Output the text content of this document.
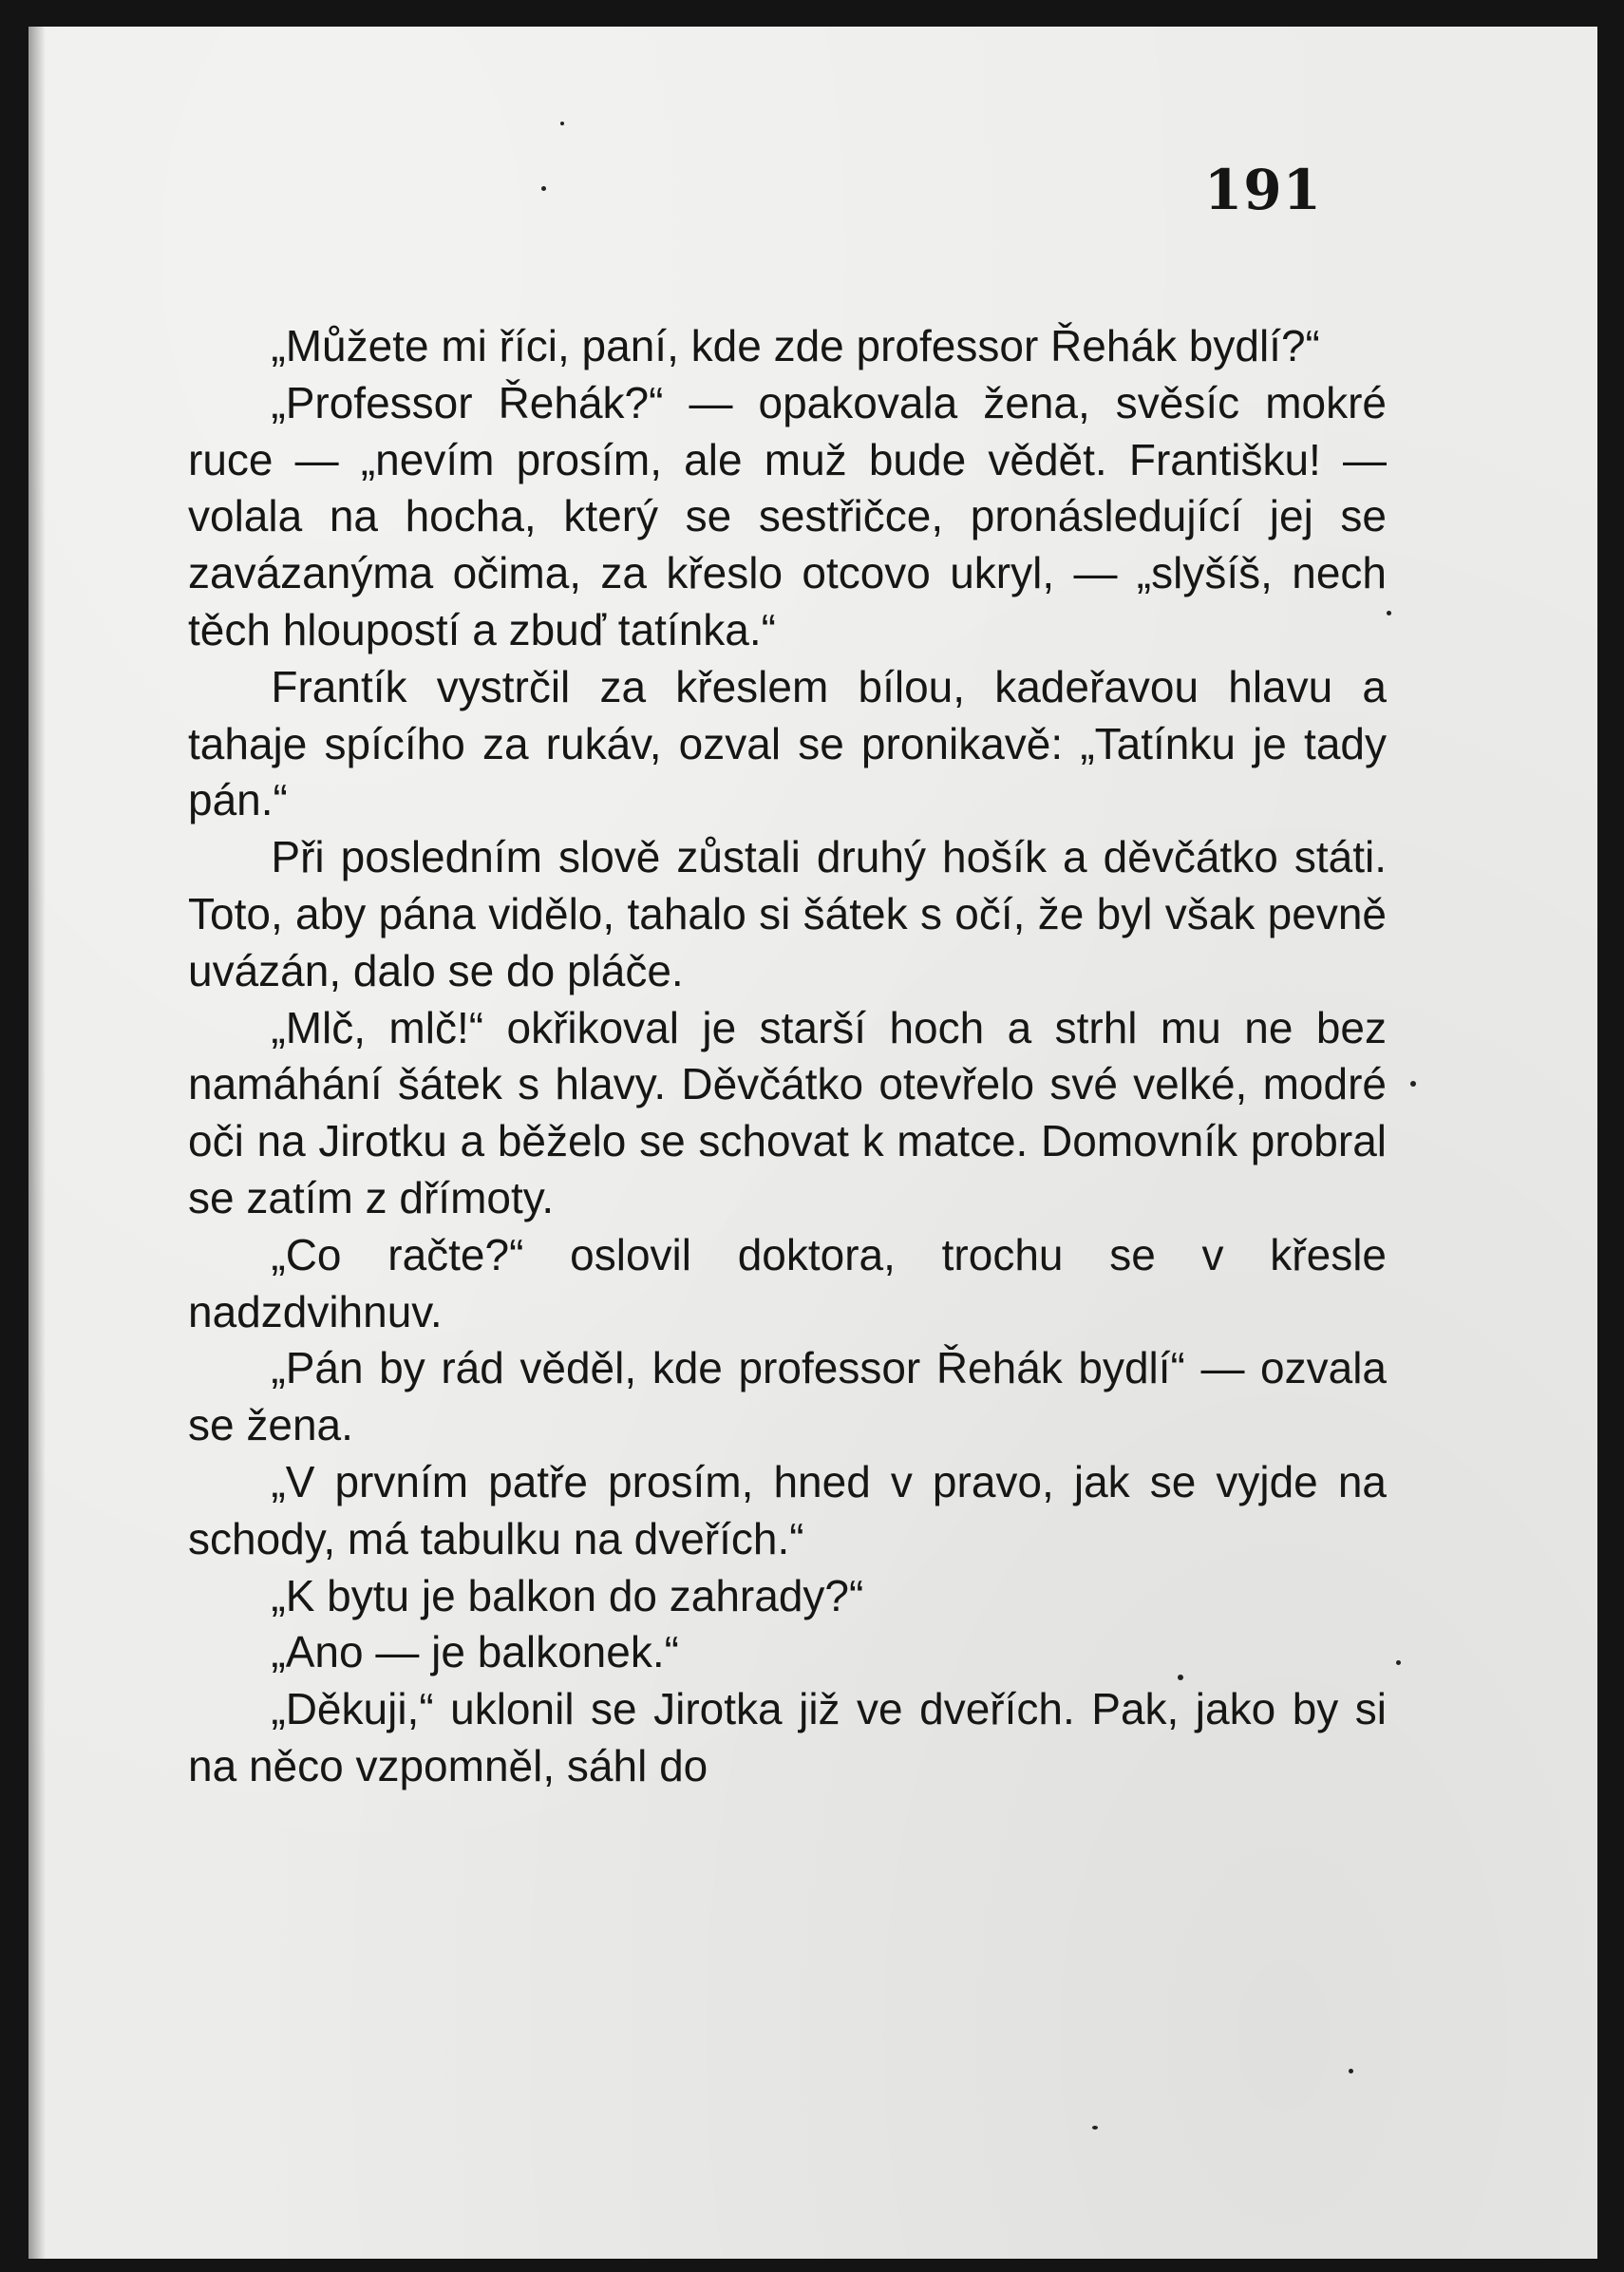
191

„Můžete mi říci, paní, kde zde professor Řehák bydlí?“

„Professor Řehák?“ — opakovala žena, svěsíc mokré ruce — „nevím prosím, ale muž bude vědět. Františku! — volala na hocha, který se sestřičce, pronásledující jej se zavázanýma očima, za křeslo otcovo ukryl, — „slyšíš, nech těch hloupostí a zbuď tatínka.“

Frantík vystrčil za křeslem bílou, kadeřavou hlavu a tahaje spícího za rukáv, ozval se pronikavě: „Tatínku je tady pán.“

Při posledním slově zůstali druhý hošík a děvčátko státi. Toto, aby pána vidělo, tahalo si šátek s očí, že byl však pevně uvázán, dalo se do pláče.

„Mlč, mlč!“ okřikoval je starší hoch a strhl mu ne bez namáhání šátek s hlavy. Děvčátko otevřelo své velké, modré oči na Jirotku a běželo se schovat k matce. Domovník probral se zatím z dřímoty.

„Co račte?“ oslovil doktora, trochu se v křesle nadzdvihnuv.

„Pán by rád věděl, kde professor Řehák bydlí“ — ozvala se žena.

„V prvním patře prosím, hned v pravo, jak se vyjde na schody, má tabulku na dveřích.“

„K bytu je balkon do zahrady?“

„Ano — je balkonek.“

„Děkuji,“ uklonil se Jirotka již ve dveřích. Pak, jako by si na něco vzpomněl, sáhl do
